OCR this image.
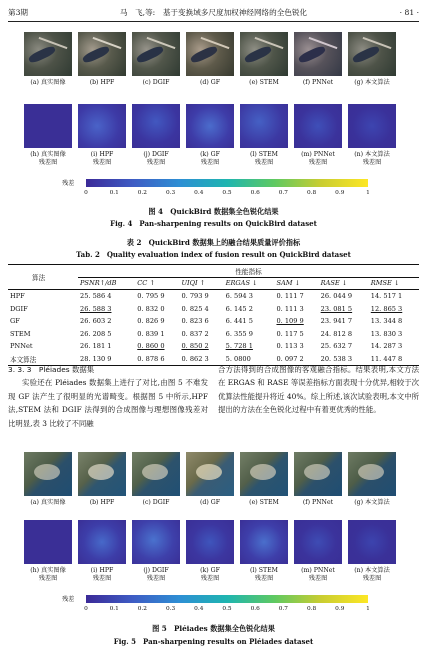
第3期	马　飞,等:　基于变换域多尺度加权神经网络的全色锐化	· 81 ·
(a) 真实图像	(b) HPF	(c) DGIF	(d) GF	(e) STEM	(f) PNNet	(g) 本文算法
(h) 真实图像
残差图
(i) HPF
残差图
(j) DGIF
残差图
(k) GF
残差图
(l) STEM
残差图
(m) PNNet
残差图
(n) 本文算法
残差图
残差
0	0.1	0.2	0.3	0.4	0.5	0.6	0.7	0.8	0.9	1
图 4　QuickBird 数据集全色锐化结果
Fig. 4　Pan-sharpening results on QuickBird dataset
表 2　QuickBird 数据集上的融合结果质量评价指标
Tab. 2　Quality evaluation index of fusion result on QuickBird dataset
算法	性能指标						
	PSNR↑/dB	CC ↑	UIQI ↑	ERGAS ↓	SAM ↓	RASE ↓	RMSE ↓
HPF	25. 586 4	0. 795 9	0. 793 9	6. 594 3	0. 111 7	26. 044 9	14. 517 1
DGIF	26. 588 3	0. 832 0	0. 825 4	6. 145 2	0. 111 3	23. 081 5	12. 865 3
GF	26. 603 2	0. 826 9	0. 823 6	6. 441 5	0. 109 9	23. 941 7	13. 344 8
STEM	26. 208 5	0. 839 1	0. 837 2	6. 355 9	0. 117 5	24. 812 8	13. 830 3
PNNet	26. 181 1	0. 860 0	0. 850 2	5. 728 1	0. 113 3	25. 632 7	14. 287 3
本文算法	28. 130 9	0. 878 6	0. 862 3	5. 0800	0. 097 2	20. 538 3	11. 447 8
3. 3. 3　Pléiades 数据集
实验还在 Pléiades 数据集上进行了对比,由图 5 不难发现 GF 法产生了很明显的光谱畸变。根据图 5 中所示,HPF 法,STEM 法和 DGIF 法得到的合成图像与理想图像残差对比明显,表 3 比较了不同融
合方法得到的合成图像的客观融合指标。结果表明,本文方法在 ERGAS 和 RASE 等误差指标方面表现十分优异,相较于次优算法性能提升将近 40%。综上所述,该次试验表明,本文中所提出的方法在全色锐化过程中有着更优秀的性能。
(a) 真实图像	(b) HPF	(c) DGIF	(d) GF	(e) STEM	(f) PNNet	(g) 本文算法
(h) 真实图像
残差图
(i) HPF
残差图
(j) DGIF
残差图
(k) GF
残差图
(l) STEM
残差图
(m) PNNet
残差图
(n) 本文算法
残差图
残差
0	0.1	0.2	0.3	0.4	0.5	0.6	0.7	0.8	0.9	1
图 5　Pléiades 数据集全色锐化结果
Fig. 5　Pan-sharpening results on Pléiades dataset
